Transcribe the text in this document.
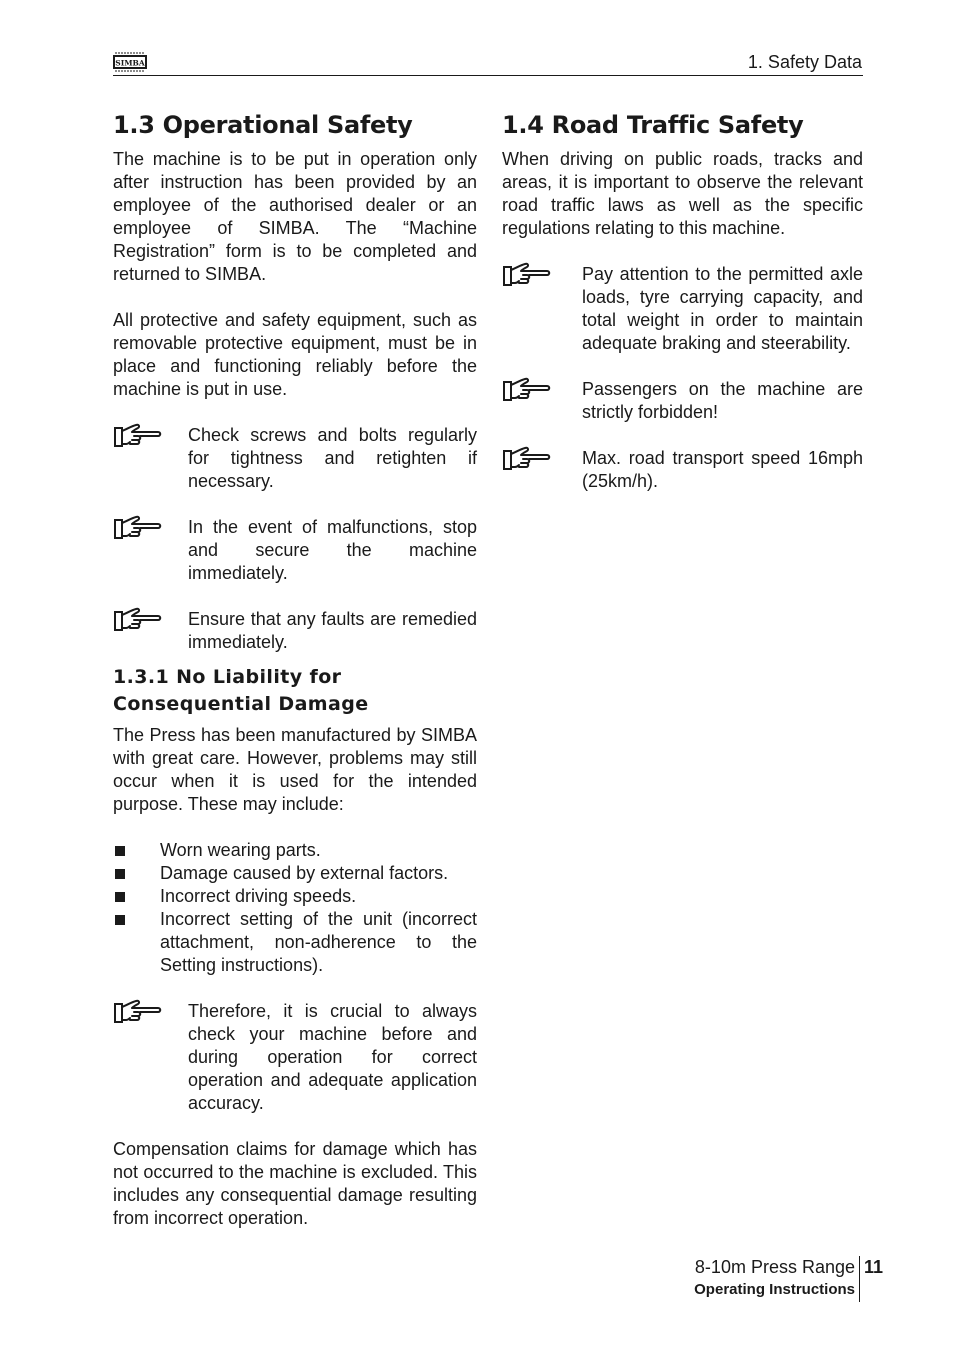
SIMBA	1. Safety Data
1.3 Operational Safety

The machine is to be put in operation only after instruction has been provided by an employee of the authorised dealer or an employee of SIMBA. The “Machine Registration” form is to be completed and returned to SIMBA.

All protective and safety equipment, such as removable protective equipment, must be in place and functioning reliably before the machine is put in use.

Check screws and bolts regularly for tightness and retighten if necessary.
In the event of malfunctions, stop and secure the machine immediately.
Ensure that any faults are remedied immediately.
1.3.1 No Liability for Consequential Damage

The Press has been manufactured by SIMBA with great care. However, problems may still occur when it is used for the intended purpose. These may include:

Worn wearing parts.
Damage caused by external factors.
Incorrect driving speeds.
Incorrect setting of the unit (incorrect attachment, non-adherence to the Setting instructions).
Therefore, it is crucial to always check your machine before and during operation for correct operation and adequate application accuracy.

Compensation claims for damage which has not occurred to the machine is excluded. This includes any consequential damage resulting from incorrect operation.

1.4 Road Traffic Safety

When driving on public roads, tracks and areas, it is important to observe the relevant road traffic laws as well as the specific regulations relating to this machine.

Pay attention to the permitted axle loads, tyre carrying capacity, and total weight in order to maintain adequate braking and steerability.
Passengers on the machine are strictly forbidden!
Max. road transport speed 16mph (25km/h).
8-10m Press Range
Operating Instructions
11
